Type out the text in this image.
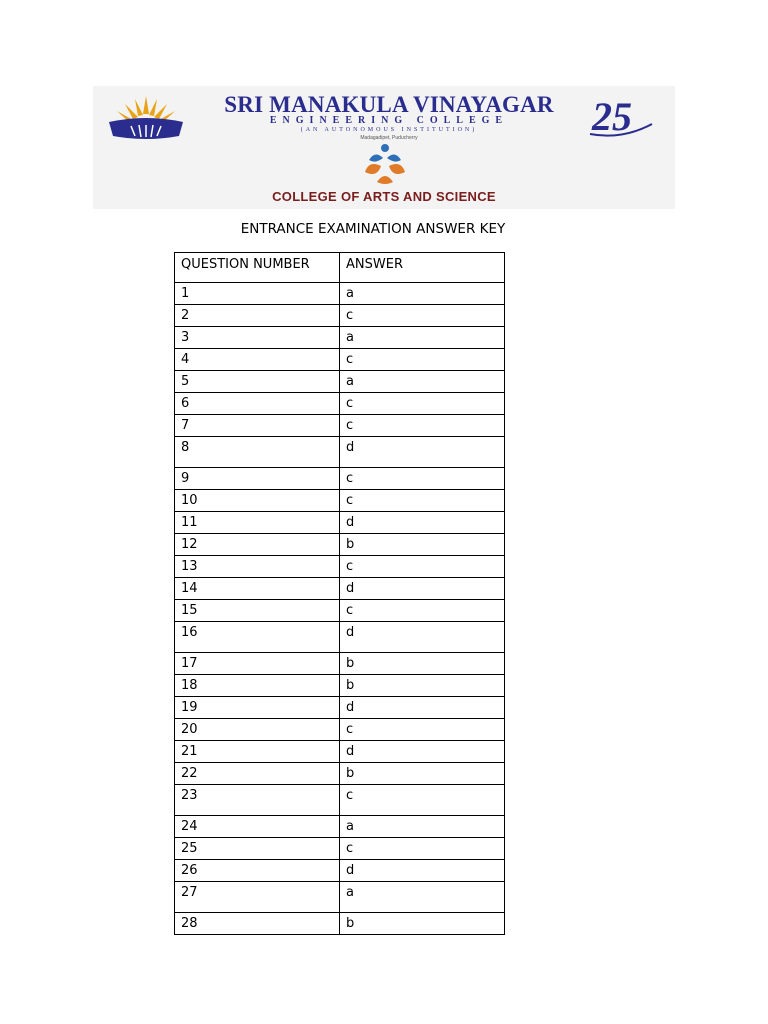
SRI MANAKULA VINAYAGAR
ENGINEERING COLLEGE
(AN AUTONOMOUS INSTITUTION)
Madagadipet, Puducherry	25
COLLEGE OF ARTS AND SCIENCE
ENTRANCE EXAMINATION ANSWER KEY
QUESTION NUMBER	ANSWER
1	a
2	c
3	a
4	c
5	a
6	c
7	c
8	d
9	c
10	c
11	d
12	b
13	c
14	d
15	c
16	d
17	b
18	b
19	d
20	c
21	d
22	b
23	c
24	a
25	c
26	d
27	a
28	b
